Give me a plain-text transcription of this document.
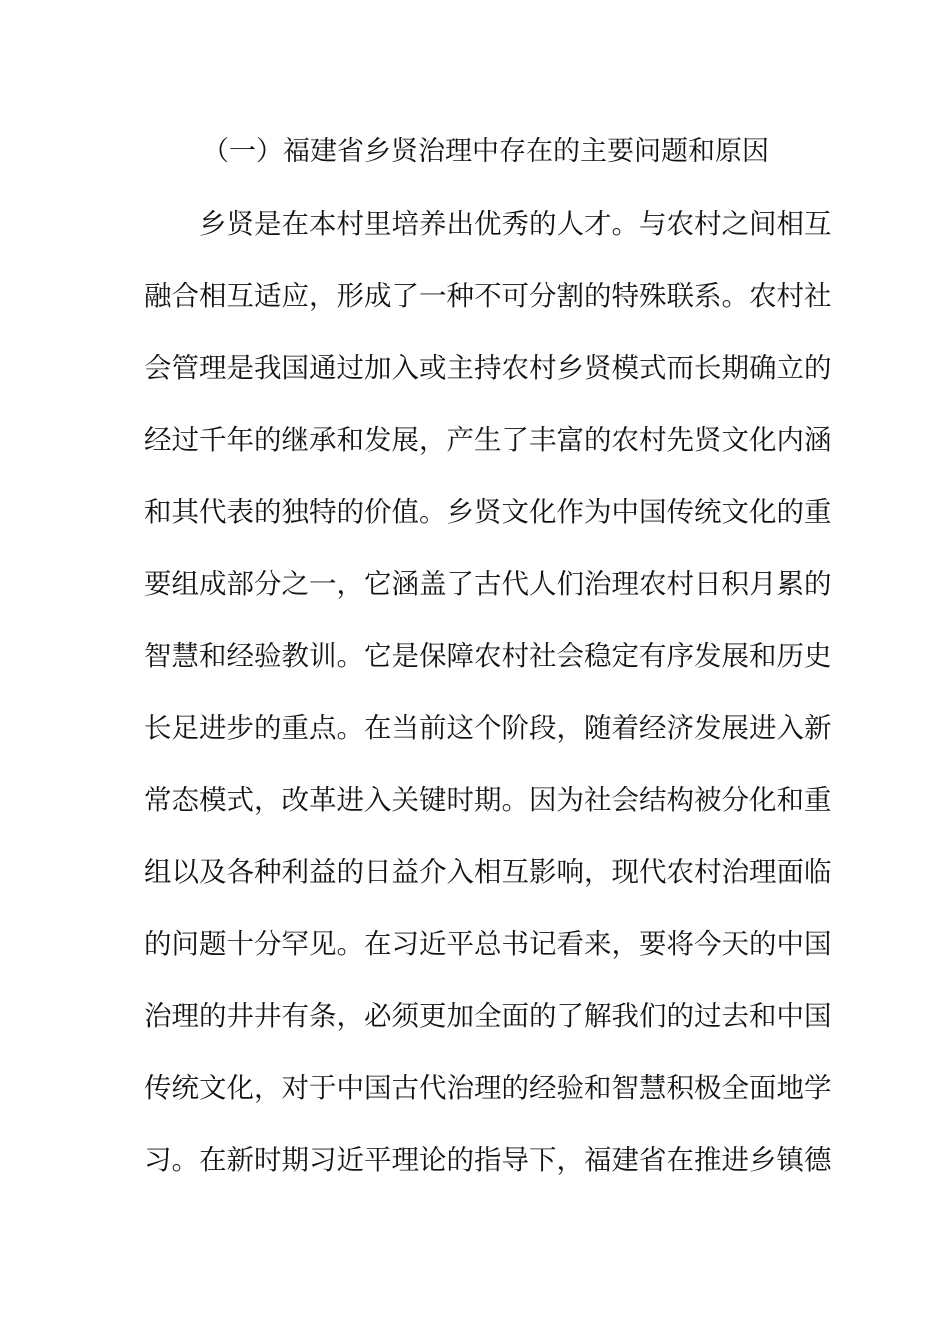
（一）福建省乡贤治理中存在的主要问题和原因
乡贤是在本村里培养出优秀的人才。与农村之间相互
融合相互适应，形成了一种不可分割的特殊联系。农村社
会管理是我国通过加入或主持农村乡贤模式而长期确立的
经过千年的继承和发展，产生了丰富的农村先贤文化内涵
和其代表的独特的价值。乡贤文化作为中国传统文化的重
要组成部分之一，它涵盖了古代人们治理农村日积月累的
智慧和经验教训。它是保障农村社会稳定有序发展和历史
长足进步的重点。在当前这个阶段，随着经济发展进入新
常态模式，改革进入关键时期。因为社会结构被分化和重
组以及各种利益的日益介入相互影响，现代农村治理面临
的问题十分罕见。在习近平总书记看来，要将今天的中国
治理的井井有条，必须更加全面的了解我们的过去和中国
传统文化，对于中国古代治理的经验和智慧积极全面地学
习。在新时期习近平理论的指导下，福建省在推进乡镇德
